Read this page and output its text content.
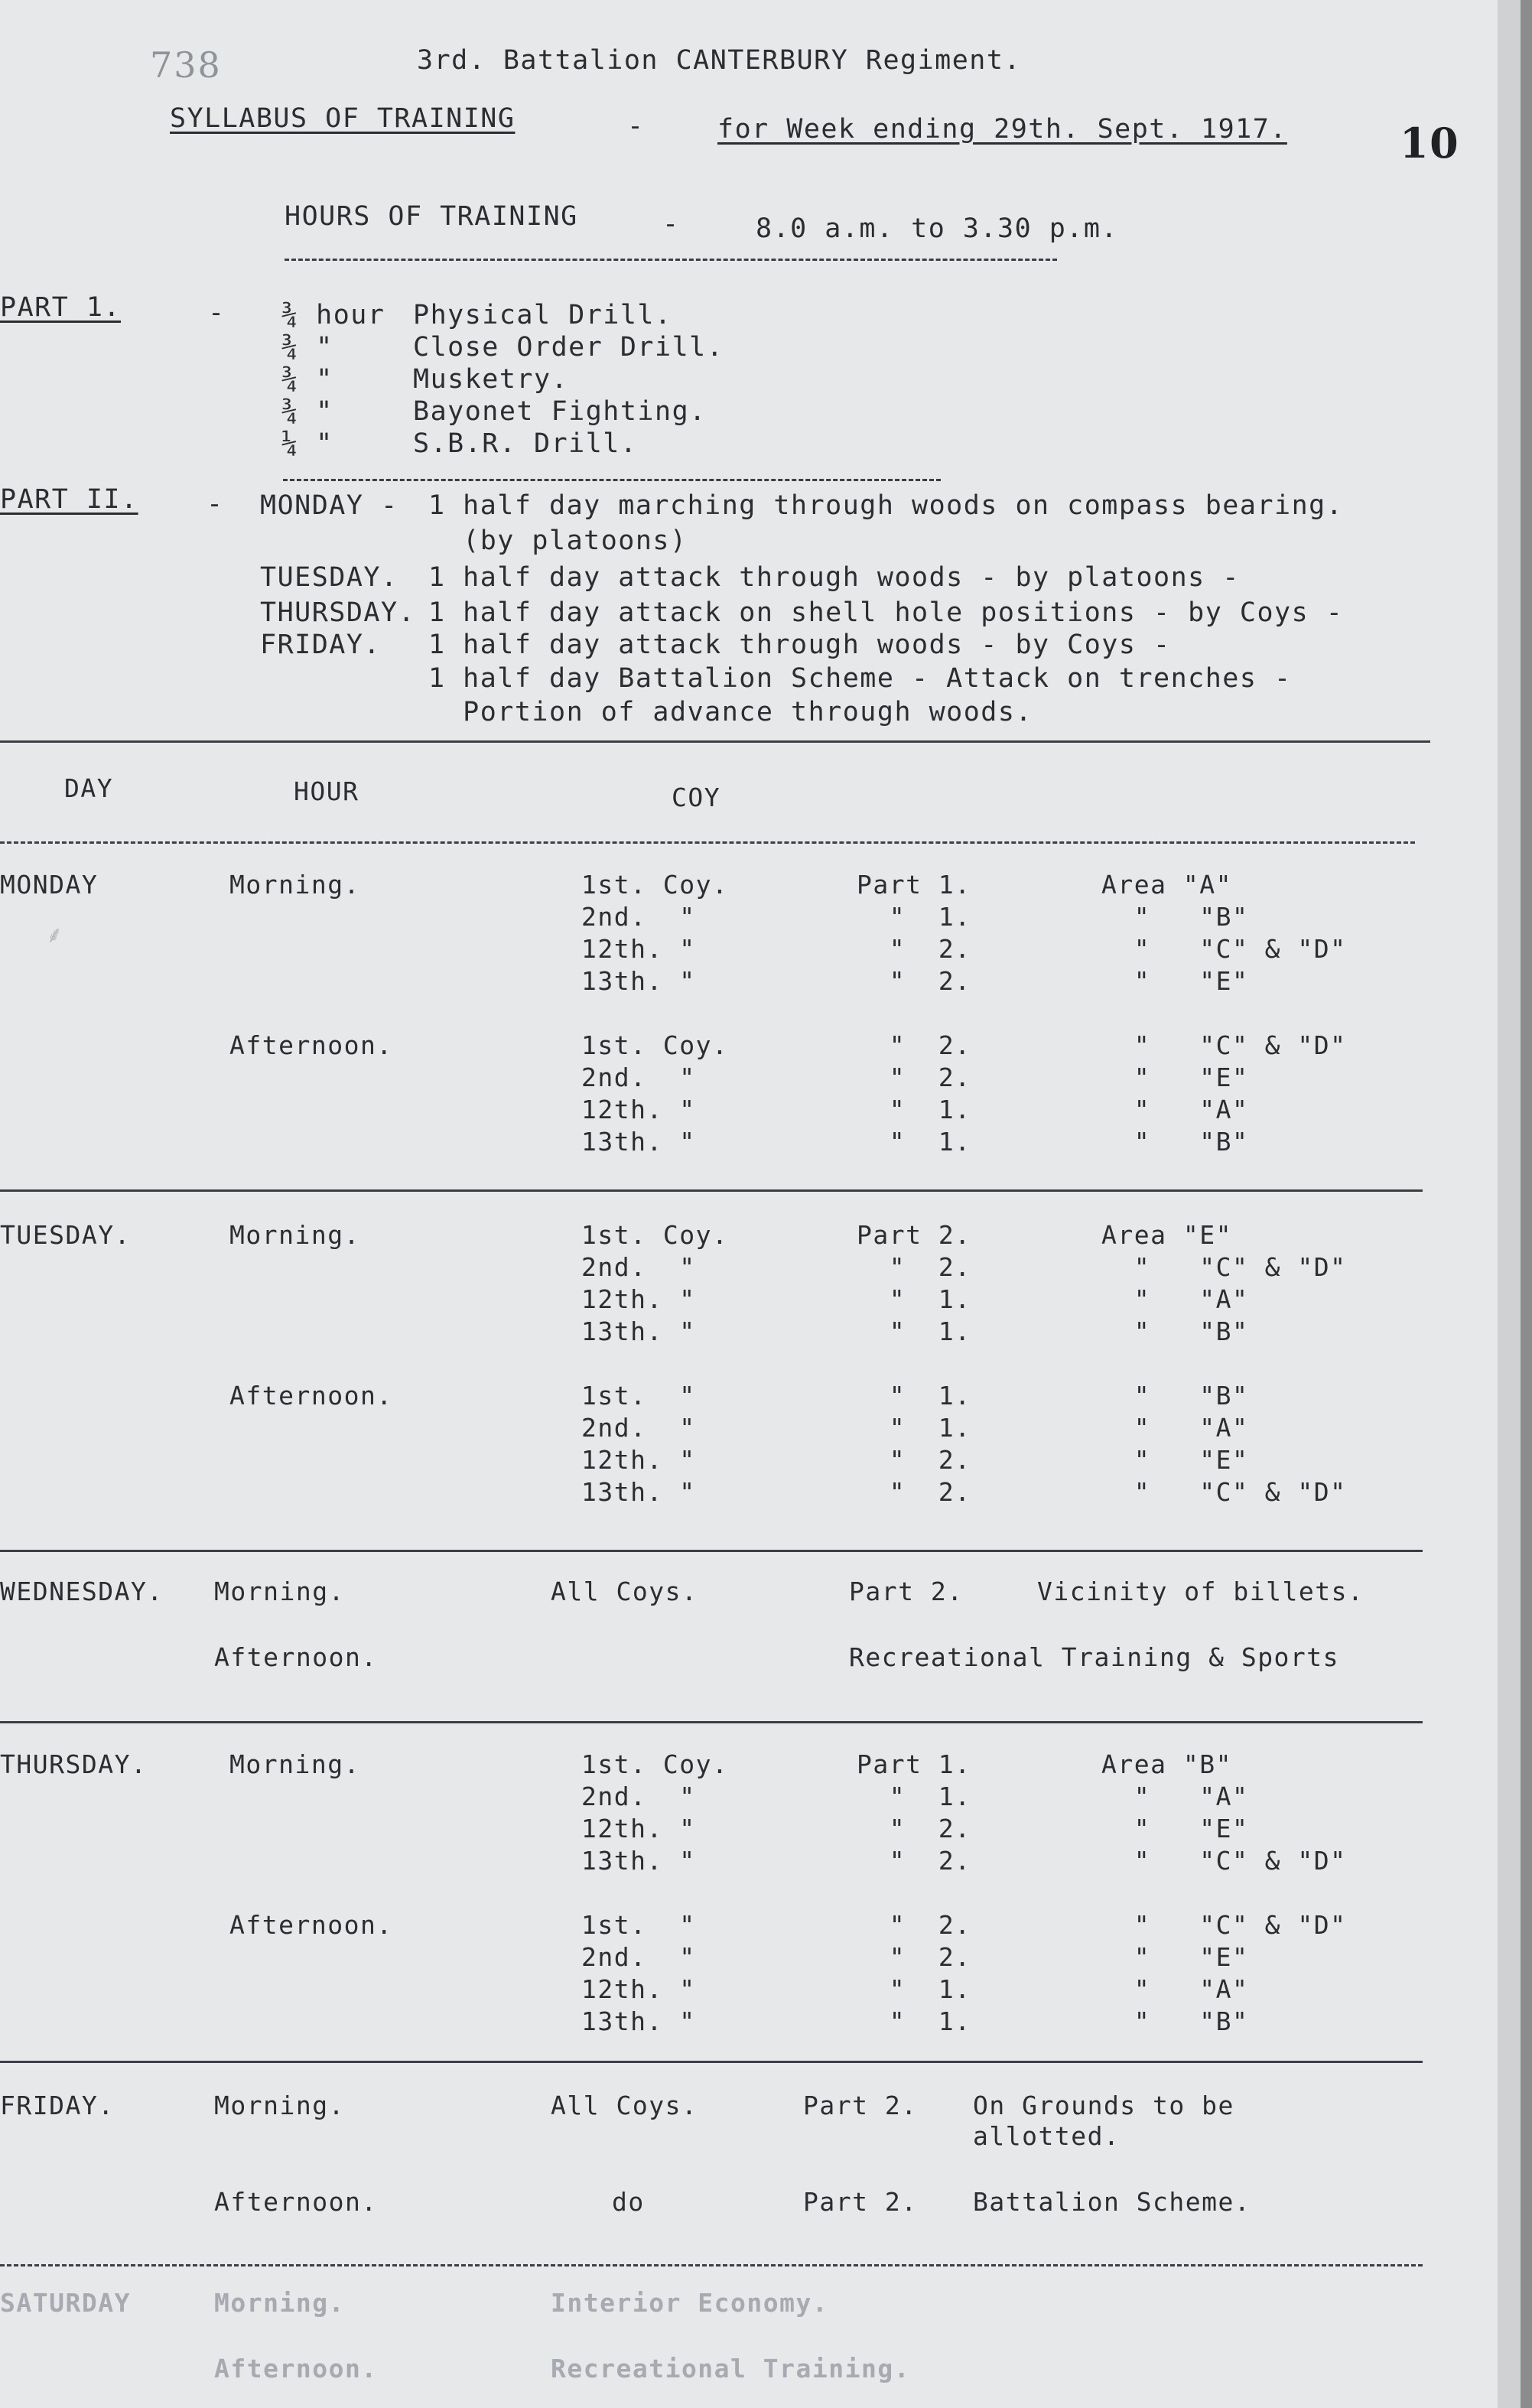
738	3rd. Battalion CANTERBURY Regiment.
SYLLABUS OF TRAINING	-	for Week ending 29th. Sept. 1917.	10
HOURS OF TRAINING	-	8.0 a.m. to 3.30 p.m.
PART 1.	- ¾ hour Physical Drill.
¾ "	Close Order Drill.
¾ "	Musketry.
¾ "	Bayonet Fighting.
¼ "	S.B.R. Drill.
PART II.	- MONDAY - 1 half day marching through woods on compass bearing.
(by platoons)
TUESDAY. 1 half day attack through woods - by platoons -
THURSDAY. 1 half day attack on shell hole positions - by Coys -
FRIDAY. 1 half day attack through woods - by Coys -
1 half day Battalion Scheme - Attack on trenches -
Portion of advance through woods.
DAY	HOUR	COY
MONDAY	Morning.	1st. Coy.	Part 1.	Area "A"
2nd.  "	"  1.	"   "B"
12th. "	"  2.	"   "C" & "D"
13th. "	"  2.	"   "E"
Afternoon.	1st. Coy.	"  2.	"   "C" & "D"
2nd.  "	"  2.	"   "E"
12th. "	"  1.	"   "A"
13th. "	"  1.	"   "B"
TUESDAY.	Morning.	1st. Coy.	Part 2.	Area "E"
2nd.  "	"  2.	"   "C" & "D"
12th. "	"  1.	"   "A"
13th. "	"  1.	"   "B"
Afternoon.	1st.  "	"  1.	"   "B"
2nd.  "	"  1.	"   "A"
12th. "	"  2.	"   "E"
13th. "	"  2.	"   "C" & "D"
WEDNESDAY. Morning.	All Coys.	Part 2.	Vicinity of billets.
Afternoon.	Recreational Training & Sports
THURSDAY.	Morning.	1st. Coy.	Part 1.	Area "B"
2nd.  "	"  1.	"   "A"
12th. "	"  2.	"   "E"
13th. "	"  2.	"   "C" & "D"
Afternoon.	1st.  "	"  2.	"   "C" & "D"
2nd.  "	"  2.	"   "E"
12th. "	"  1.	"   "A"
13th. "	"  1.	"   "B"
FRIDAY.	Morning.	All Coys.	Part 2. On Grounds to be
allotted.
Afternoon.	do	Part 2. Battalion Scheme.
SATURDAY	Morning.	Interior Economy.
Afternoon.	Recreational Training.
⸙
